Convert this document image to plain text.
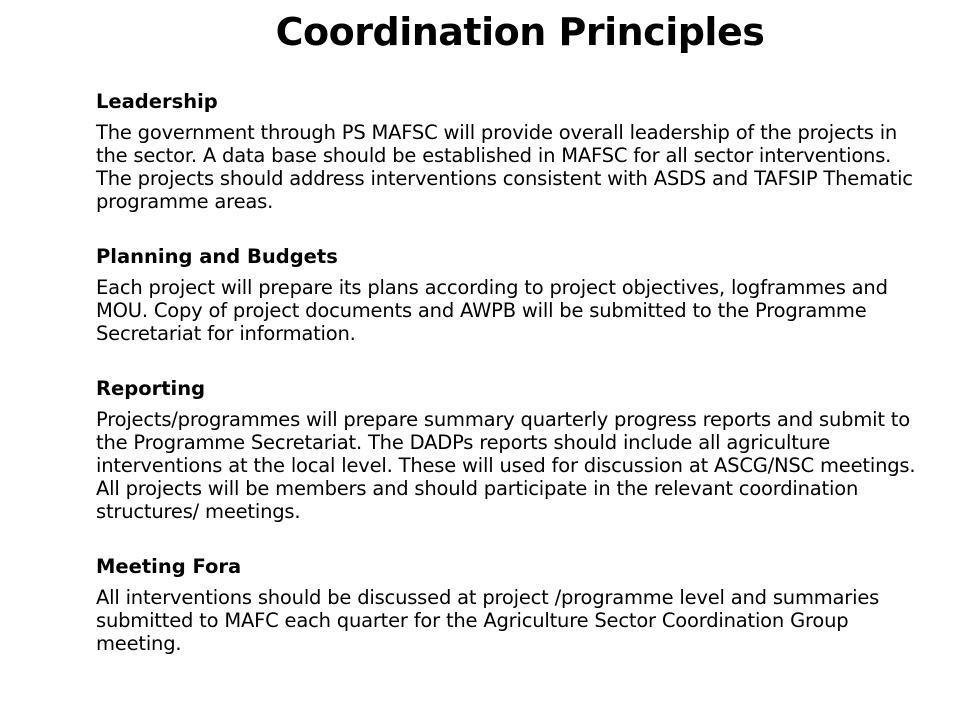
Coordination Principles
Leadership

The government through PS MAFSC will provide overall leadership of the projects in the sector. A data base should be established in MAFSC for all sector interventions. The projects should address interventions consistent with ASDS and TAFSIP Thematic programme areas.

Planning and Budgets

Each project will prepare its plans according to project objectives, logframmes and MOU. Copy of project documents and AWPB will be submitted to the Programme Secretariat for information.

Reporting

Projects/programmes will prepare summary quarterly progress reports and submit to the Programme Secretariat. The DADPs reports should include all agriculture interventions at the local level. These will used for discussion at ASCG/NSC meetings. All projects will be members and should participate in the relevant coordination structures/ meetings.

Meeting Fora

All interventions should be discussed at project /programme level and summaries submitted to MAFC each quarter for the Agriculture Sector Coordination Group meeting.
